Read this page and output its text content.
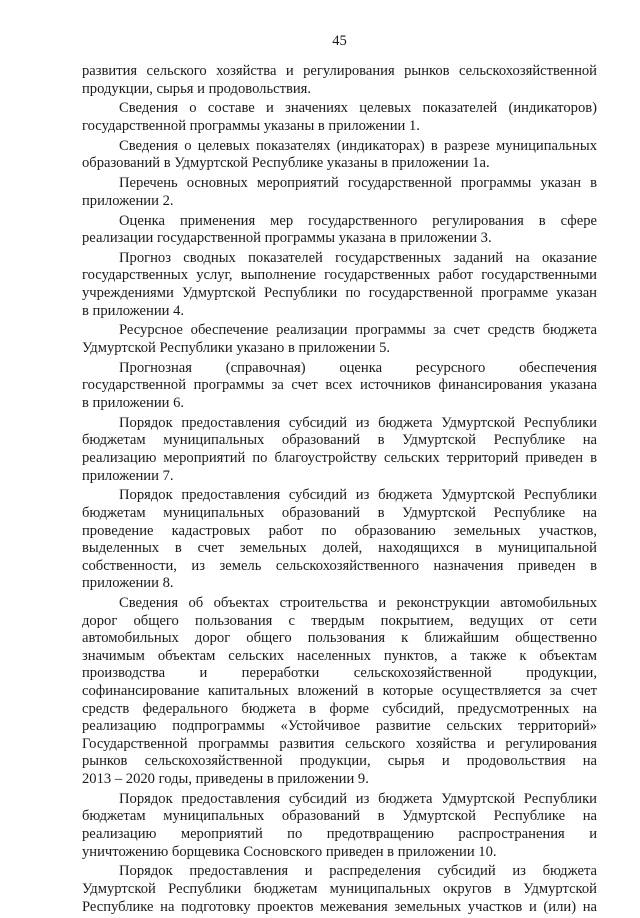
45
развития сельского хозяйства и регулирования рынков сельскохозяйственной
продукции, сырья и продовольствия.
Сведения о составе и значениях целевых показателей (индикаторов)
государственной программы указаны в приложении 1.
Сведения о целевых показателях (индикаторах) в разрезе муниципальных
образований в Удмуртской Республике указаны в приложении 1а.
Перечень основных мероприятий государственной программы указан в
приложении 2.
Оценка применения мер государственного регулирования в сфере
реализации государственной программы указана в приложении 3.
Прогноз сводных показателей государственных заданий на оказание
государственных услуг, выполнение государственных работ государственными
учреждениями Удмуртской Республики по государственной программе указан
в приложении 4.
Ресурсное обеспечение реализации программы за счет средств бюджета
Удмуртской Республики указано в приложении 5.
Прогнозная (справочная) оценка ресурсного обеспечения
государственной программы за счет всех источников финансирования указана
в приложении 6.
Порядок предоставления субсидий из бюджета Удмуртской Республики
бюджетам муниципальных образований в Удмуртской Республике на
реализацию мероприятий по благоустройству сельских территорий приведен в
приложении 7.
Порядок предоставления субсидий из бюджета Удмуртской Республики
бюджетам муниципальных образований в Удмуртской Республике на
проведение кадастровых работ по образованию земельных участков,
выделенных в счет земельных долей, находящихся в муниципальной
собственности, из земель сельскохозяйственного назначения приведен в
приложении 8.
Сведения об объектах строительства и реконструкции автомобильных
дорог общего пользования с твердым покрытием, ведущих от сети
автомобильных дорог общего пользования к ближайшим общественно
значимым объектам сельских населенных пунктов, а также к объектам
производства и переработки сельскохозяйственной продукции,
софинансирование капитальных вложений в которые осуществляется за счет
средств федерального бюджета в форме субсидий, предусмотренных на
реализацию подпрограммы «Устойчивое развитие сельских территорий»
Государственной программы развития сельского хозяйства и регулирования
рынков сельскохозяйственной продукции, сырья и продовольствия на
2013 – 2020 годы, приведены в приложении 9.
Порядок предоставления субсидий из бюджета Удмуртской Республики
бюджетам муниципальных образований в Удмуртской Республике на
реализацию мероприятий по предотвращению распространения и
уничтожению борщевика Сосновского приведен в приложении 10.
Порядок предоставления и распределения субсидий из бюджета
Удмуртской Республики бюджетам муниципальных округов в Удмуртской
Республике на подготовку проектов межевания земельных участков и (или) на
